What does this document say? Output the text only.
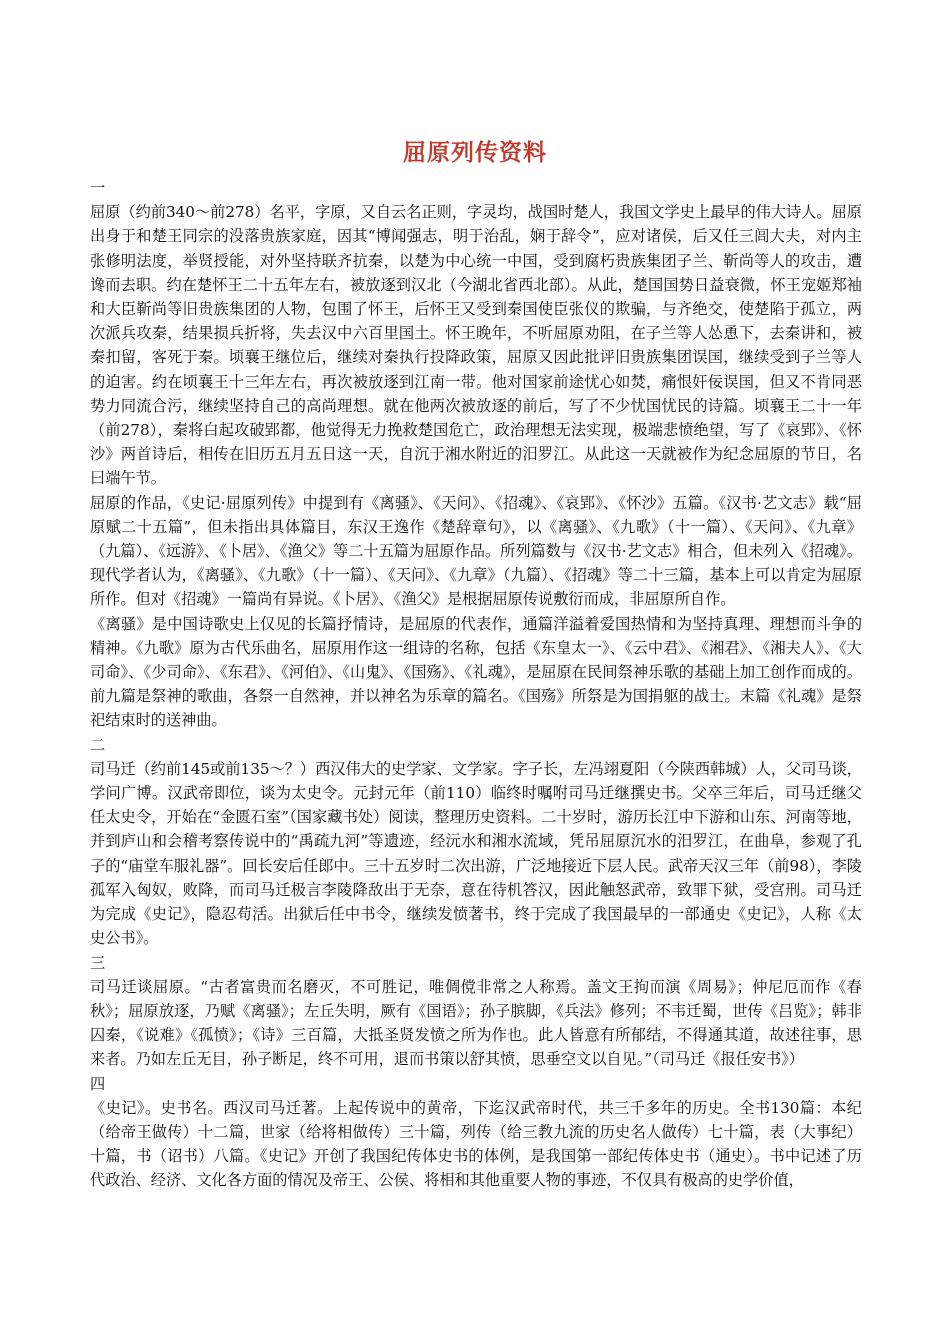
屈原列传资料

一

屈原（约前340～前278）名平，字原，又自云名正则，字灵均，战国时楚人，我国文学史上最早的伟大诗人。屈原出身于和楚王同宗的没落贵族家庭，因其“博闻强志，明于治乱，娴于辞令”，应对诸侯，后又任三闾大夫，对内主张修明法度，举贤授能，对外坚持联齐抗秦，以楚为中心统一中国，受到腐朽贵族集团子兰、靳尚等人的攻击，遭谗而去职。约在楚怀王二十五年左右，被放逐到汉北（今湖北省西北部）。从此，楚国国势日益衰微，怀王宠姬郑袖和大臣靳尚等旧贵族集团的人物，包围了怀王，后怀王又受到秦国使臣张仪的欺骗，与齐绝交，使楚陷于孤立，两次派兵攻秦，结果损兵折将，失去汉中六百里国土。怀王晚年，不听屈原劝阻，在子兰等人怂恿下，去秦讲和，被秦扣留，客死于秦。顷襄王继位后，继续对秦执行投降政策，屈原又因此批评旧贵族集团误国，继续受到子兰等人的迫害。约在顷襄王十三年左右，再次被放逐到江南一带。他对国家前途忧心如焚，痛恨奸佞误国，但又不肯同恶势力同流合污，继续坚持自己的高尚理想。就在他两次被放逐的前后，写了不少忧国忧民的诗篇。顷襄王二十一年（前278），秦将白起攻破郢都，他觉得无力挽救楚国危亡，政治理想无法实现，极端悲愤绝望，写了《哀郢》、《怀沙》两首诗后，相传在旧历五月五日这一天，自沉于湘水附近的汨罗江。从此这一天就被作为纪念屈原的节日，名曰端午节。

屈原的作品，《史记·屈原列传》中提到有《离骚》、《天问》、《招魂》、《哀郢》、《怀沙》五篇。《汉书·艺文志》载“屈原赋二十五篇”，但未指出具体篇目，东汉王逸作《楚辞章句》，以《离骚》、《九歌》（十一篇）、《天问》、《九章》（九篇）、《远游》、《卜居》、《渔父》等二十五篇为屈原作品。所列篇数与《汉书·艺文志》相合，但未列入《招魂》。现代学者认为，《离骚》、《九歌》（十一篇）、《天问》、《九章》（九篇）、《招魂》等二十三篇，基本上可以肯定为屈原所作。但对《招魂》一篇尚有异说。《卜居》、《渔父》是根据屈原传说敷衍而成，非屈原所自作。

《离骚》是中国诗歌史上仅见的长篇抒情诗，是屈原的代表作，通篇洋溢着爱国热情和为坚持真理、理想而斗争的精神。《九歌》原为古代乐曲名，屈原用作这一组诗的名称，包括《东皇太一》、《云中君》、《湘君》、《湘夫人》、《大司命》、《少司命》、《东君》、《河伯》、《山鬼》、《国殇》、《礼魂》，是屈原在民间祭神乐歌的基础上加工创作而成的。前九篇是祭神的歌曲，各祭一自然神，并以神名为乐章的篇名。《国殇》所祭是为国捐躯的战士。末篇《礼魂》是祭祀结束时的送神曲。

二

司马迁（约前145或前135～？）西汉伟大的史学家、文学家。字子长，左冯翊夏阳（今陕西韩城）人，父司马谈，学问广博。汉武帝即位，谈为太史令。元封元年（前110）临终时嘱咐司马迁继撰史书。父卒三年后，司马迁继父任太史令，开始在“金匮石室”（国家藏书处）阅读，整理历史资料。二十岁时，游历长江中下游和山东、河南等地，并到庐山和会稽考察传说中的“禹疏九河”等遗迹，经沅水和湘水流域，凭吊屈原沉水的汨罗江，在曲阜，参观了孔子的“庙堂车服礼器”。回长安后任郎中。三十五岁时二次出游，广泛地接近下层人民。武帝天汉三年（前98），李陵孤军入匈奴，败降，而司马迁极言李陵降敌出于无奈，意在待机答汉，因此触怒武帝，致罪下狱，受宫刑。司马迁为完成《史记》，隐忍苟活。出狱后任中书令，继续发愤著书，终于完成了我国最早的一部通史《史记》，人称《太史公书》。

三

司马迁谈屈原。“古者富贵而名磨灭，不可胜记，唯倜傥非常之人称焉。盖文王拘而演《周易》；仲尼厄而作《春秋》；屈原放逐，乃赋《离骚》；左丘失明，厥有《国语》；孙子膑脚，《兵法》修列；不韦迁蜀，世传《吕览》；韩非囚秦，《说难》《孤愤》；《诗》三百篇，大抵圣贤发愤之所为作也。此人皆意有所郁结，不得通其道，故述往事，思来者。乃如左丘无目，孙子断足，终不可用，退而书策以舒其愤，思垂空文以自见。”（司马迁《报任安书》）

四

《史记》。史书名。西汉司马迁著。上起传说中的黄帝，下迄汉武帝时代，共三千多年的历史。全书130篇：本纪（给帝王做传）十二篇，世家（给将相做传）三十篇，列传（给三教九流的历史名人做传）七十篇，表（大事纪）十篇，书（诏书）八篇。《史记》开创了我国纪传体史书的体例，是我国第一部纪传体史书（通史）。书中记述了历代政治、经济、文化各方面的情况及帝王、公侯、将相和其他重要人物的事迹，不仅具有极高的史学价值，
